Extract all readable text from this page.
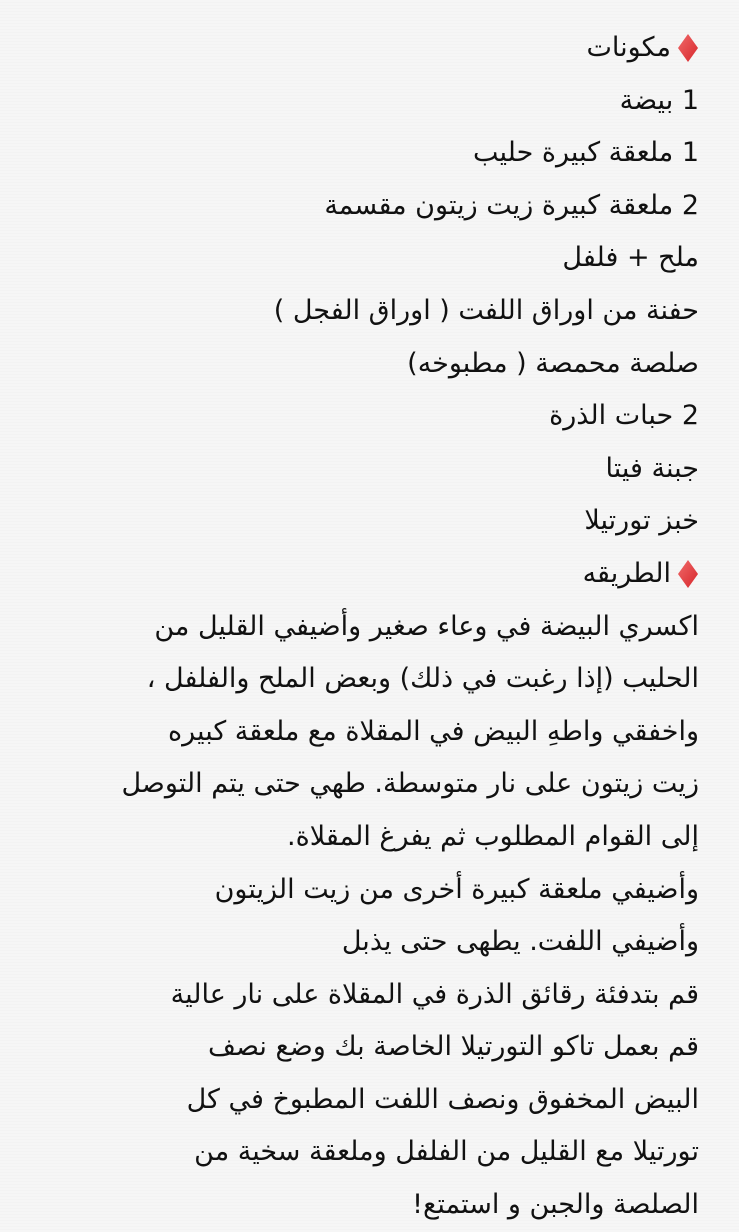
مكونات
1 بيضة
1 ملعقة كبيرة حليب
2 ملعقة كبيرة زيت زيتون مقسمة
ملح + فلفل
حفنة من اوراق اللفت ( اوراق الفجل )
صلصة محمصة ( مطبوخه)
2 حبات الذرة
جبنة فيتا
خبز تورتيلا
الطريقه
اكسري البيضة في وعاء صغير وأضيفي القليل من
الحليب (إذا رغبت في ذلك) وبعض الملح والفلفل ،
واخفقي واطهِ البيض في المقلاة مع ملعقة كبيره
زيت زيتون على نار متوسطة. طهي حتى يتم التوصل
إلى القوام المطلوب ثم يفرغ المقلاة.
وأضيفي ملعقة كبيرة أخرى من زيت الزيتون
وأضيفي اللفت. يطهى حتى يذبل
قم بتدفئة رقائق الذرة في المقلاة على نار عالية
قم بعمل تاكو التورتيلا الخاصة بك وضع نصف
البيض المخفوق ونصف اللفت المطبوخ في كل
تورتيلا مع القليل من الفلفل وملعقة سخية من
الصلصة والجبن و استمتع!
